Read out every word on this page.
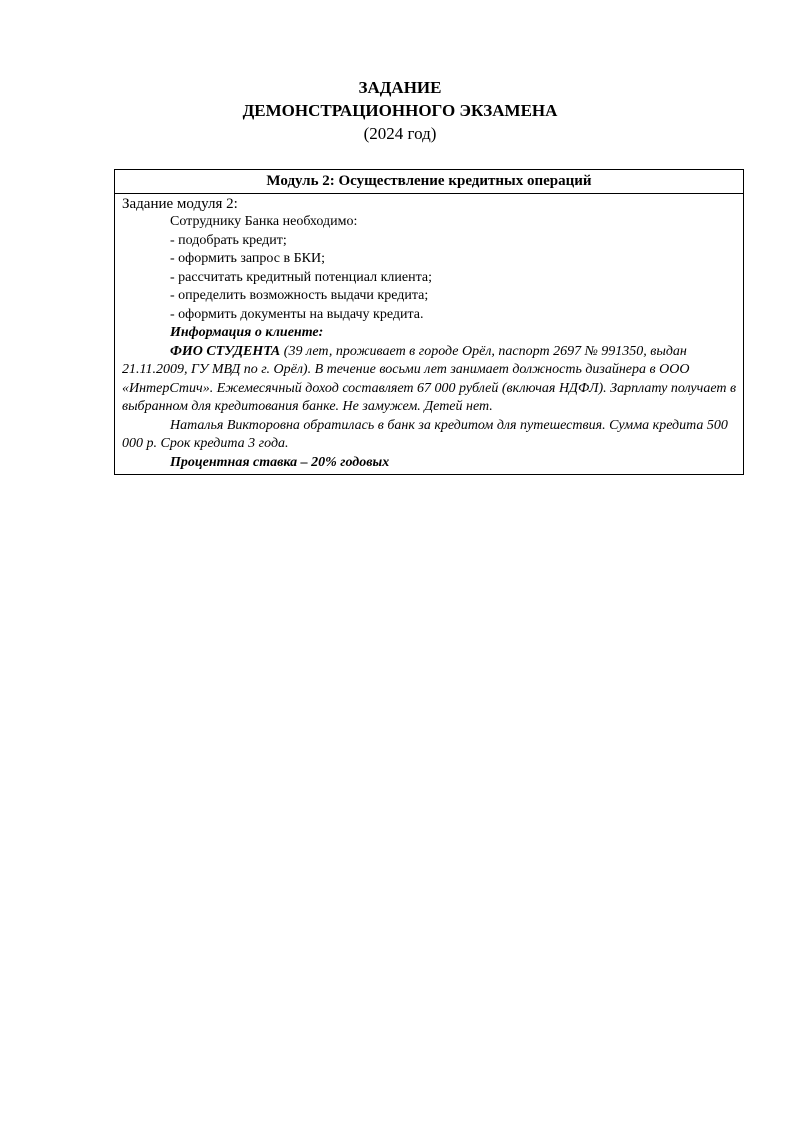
ЗАДАНИЕ
ДЕМОНСТРАЦИОННОГО ЭКЗАМЕНА
(2024 год)
Модуль 2: Осуществление кредитных операций
Задание модуля 2:
Сотруднику Банка необходимо:
- подобрать кредит;
- оформить запрос в БКИ;
- рассчитать кредитный потенциал клиента;
- определить возможность выдачи кредита;
- оформить документы на выдачу кредита.
Информация о клиенте:
ФИО СТУДЕНТА (39 лет, проживает в городе Орёл, паспорт 2697 № 991350, выдан 21.11.2009, ГУ МВД по г. Орёл). В течение восьми лет занимает должность дизайнера в ООО «ИнтерСтич». Ежемесячный доход составляет 67 000 рублей (включая НДФЛ). Зарплату получает в выбранном для кредитования банке. Не замужем. Детей нет.
Наталья Викторовна обратилась в банк за кредитом для путешествия. Сумма кредита 500 000 р. Срок кредита 3 года.
Процентная ставка – 20% годовых
